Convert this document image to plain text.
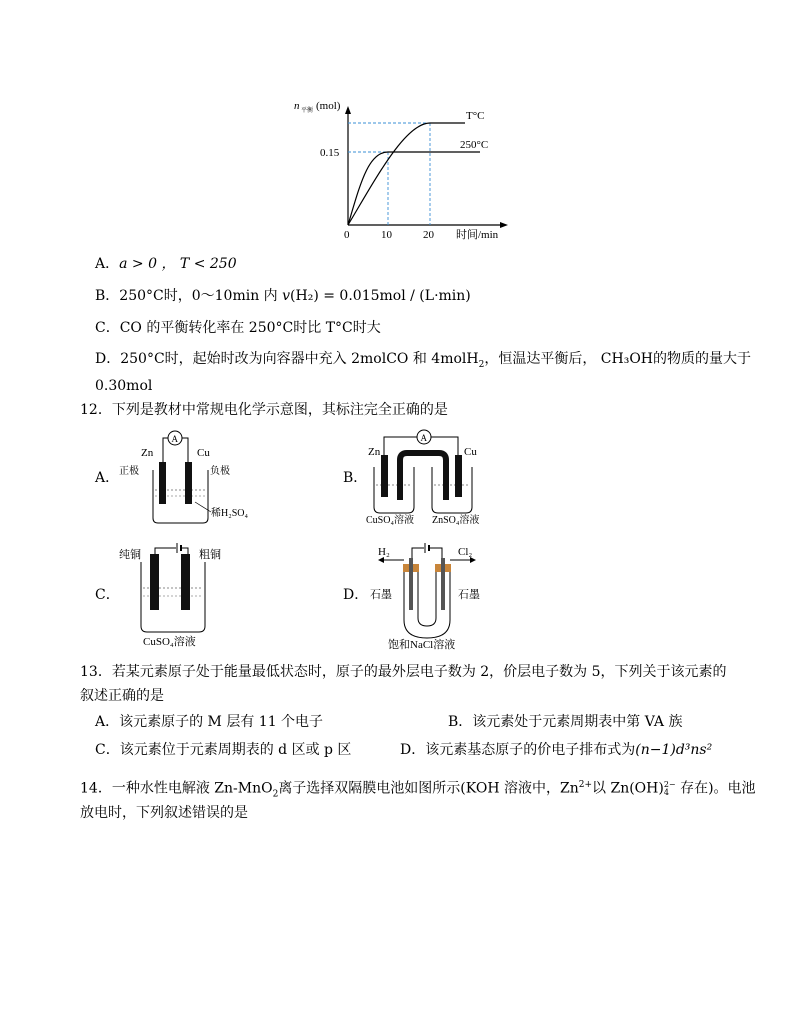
n 平衡 (mol)
0.15
0	10	20 时间/min
T°C
250°C
A．a > 0 ， T < 250
B．250°C时，0～10min 内 v(H₂) = 0.015mol / (L·min)
C．CO 的平衡转化率在 250°C时比 T°C时大
D．250°C时，起始时改为向容器中充入 2molCO 和 4molH$_2$，恒温达平衡后， CH₃OH的物质的量大于
0.30mol
12．下列是教材中常规电化学示意图，其标注完全正确的是
A．
A
Zn	Cu
正极	负极
稀H₂SO₄
B．
A
Zn	Cu
CuSO₄溶液 ZnSO₄溶液
C．
纯铜	粗铜
CuSO₄溶液
D．
H₂	Cl₂
石墨	石墨
饱和NaCl溶液
13．若某元素原子处于能量最低状态时，原子的最外层电子数为 2，价层电子数为 5，下列关于该元素的
叙述正确的是
A．该元素原子的 M 层有 11 个电子	B．该元素处于元素周期表中第 VA 族
C．该元素位于元素周期表的 d 区或 p 区	D．该元素基态原子的价电子排布式为(n−1)d³ns²
14．一种水性电解液 Zn-MnO$_2$离子选择双隔膜电池如图所示(KOH 溶液中，$Zn^{2+}$以 Zn(OH) 2−
4 存在)。电池
放电时，下列叙述错误的是
